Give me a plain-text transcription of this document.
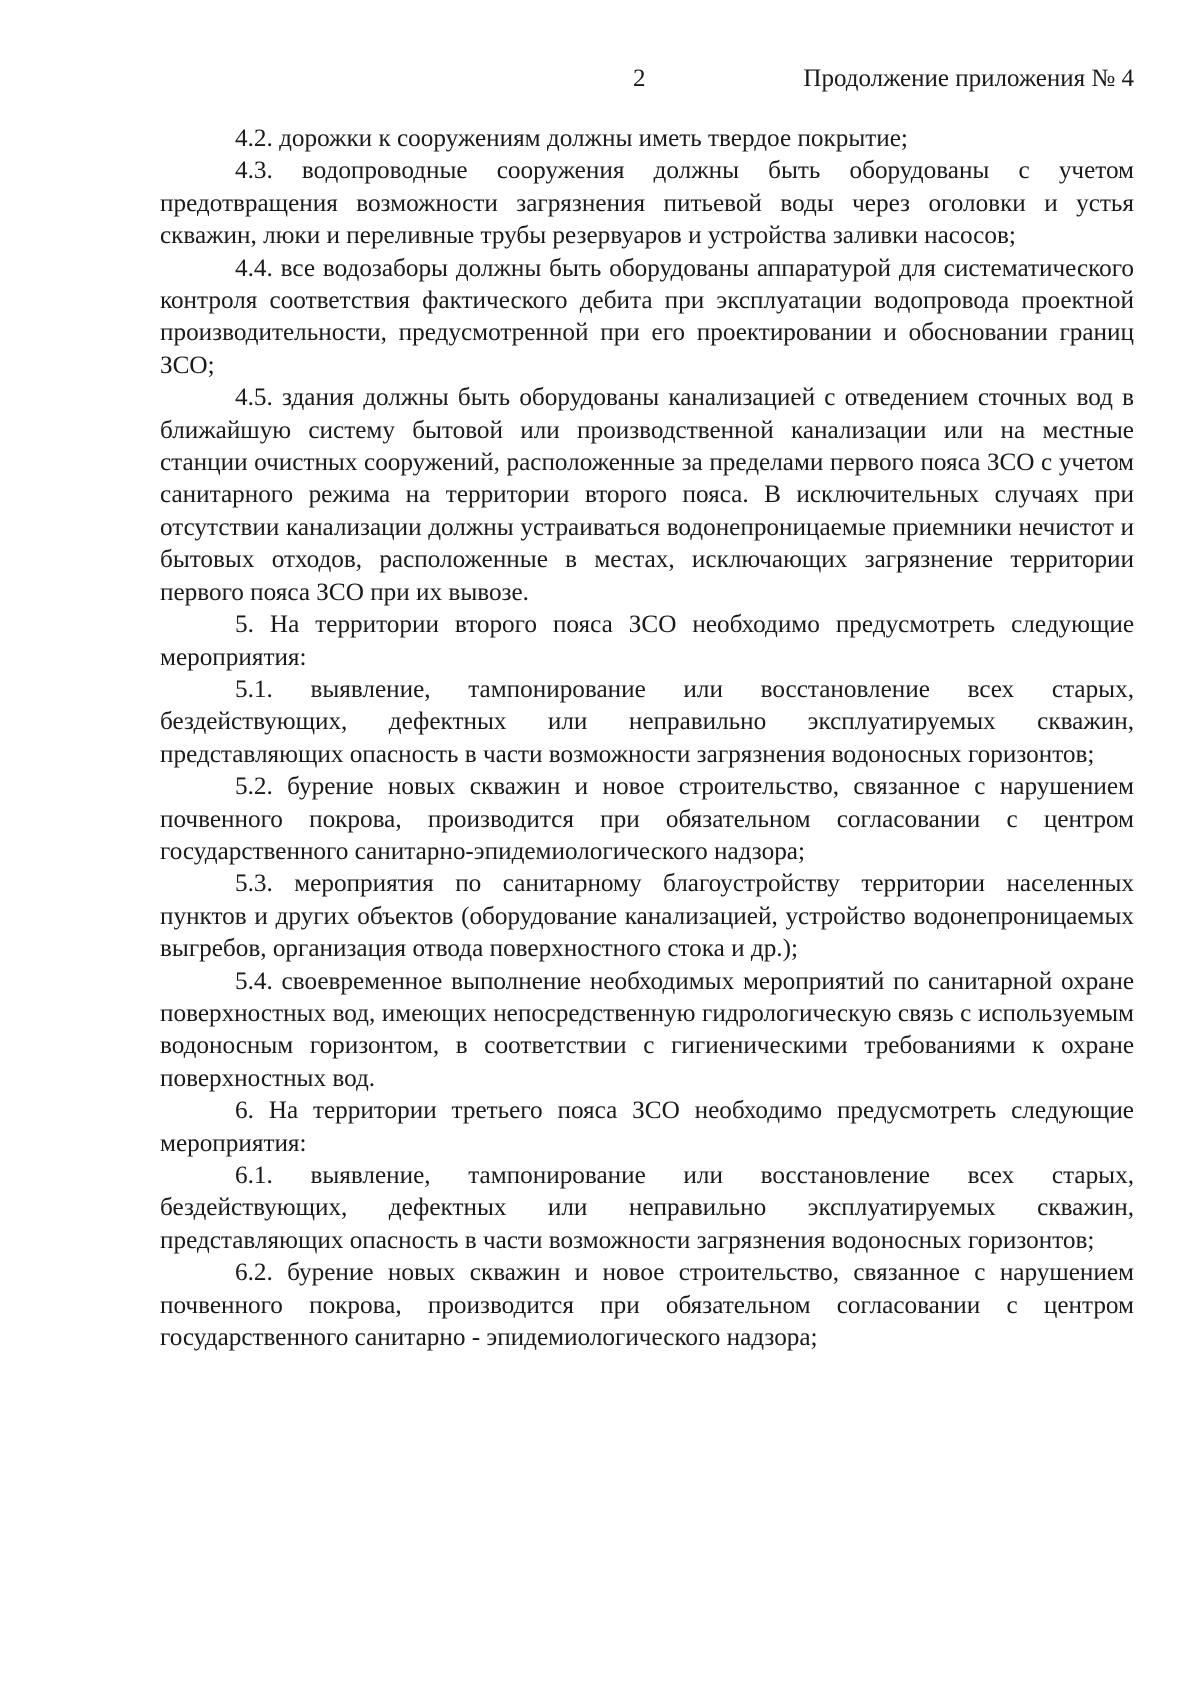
2	Продолжение приложения № 4

4.2. дорожки к сооружениям должны иметь твердое покрытие;

4.3. водопроводные сооружения должны быть оборудованы с учетом предотвращения возможности загрязнения питьевой воды через оголовки и устья скважин, люки и переливные трубы резервуаров и устройства заливки насосов;

4.4. все водозаборы должны быть оборудованы аппаратурой для систематического контроля соответствия фактического дебита при эксплуатации водопровода проектной производительности, предусмотренной при его проектировании и обосновании границ ЗСО;

4.5. здания должны быть оборудованы канализацией с отведением сточных вод в ближайшую систему бытовой или производственной канализации или на местные станции очистных сооружений, расположенные за пределами первого пояса ЗСО с учетом санитарного режима на территории второго пояса. В исключительных случаях при отсутствии канализации должны устраиваться водонепроницаемые приемники нечистот и бытовых отходов, расположенные в местах, исключающих загрязнение территории первого пояса ЗСО при их вывозе.

5. На территории второго пояса ЗСО необходимо предусмотреть следующие мероприятия:

5.1. выявление, тампонирование или восстановление всех старых, бездействующих, дефектных или неправильно эксплуатируемых скважин, представляющих опасность в части возможности загрязнения водоносных горизонтов;

5.2. бурение новых скважин и новое строительство, связанное с нарушением почвенного покрова, производится при обязательном согласовании с центром государственного санитарно-эпидемиологического надзора;

5.3. мероприятия по санитарному благоустройству территории населенных пунктов и других объектов (оборудование канализацией, устройство водонепроницаемых выгребов, организация отвода поверхностного стока и др.);

5.4. своевременное выполнение необходимых мероприятий по санитарной охране поверхностных вод, имеющих непосредственную гидрологическую связь с используемым водоносным горизонтом, в соответствии с гигиеническими требованиями к охране поверхностных вод.

6. На территории третьего пояса ЗСО необходимо предусмотреть следующие мероприятия:

6.1. выявление, тампонирование или восстановление всех старых, бездействующих, дефектных или неправильно эксплуатируемых скважин, представляющих опасность в части возможности загрязнения водоносных горизонтов;

6.2. бурение новых скважин и новое строительство, связанное с нарушением почвенного покрова, производится при обязательном согласовании с центром государственного санитарно - эпидемиологического надзора;
